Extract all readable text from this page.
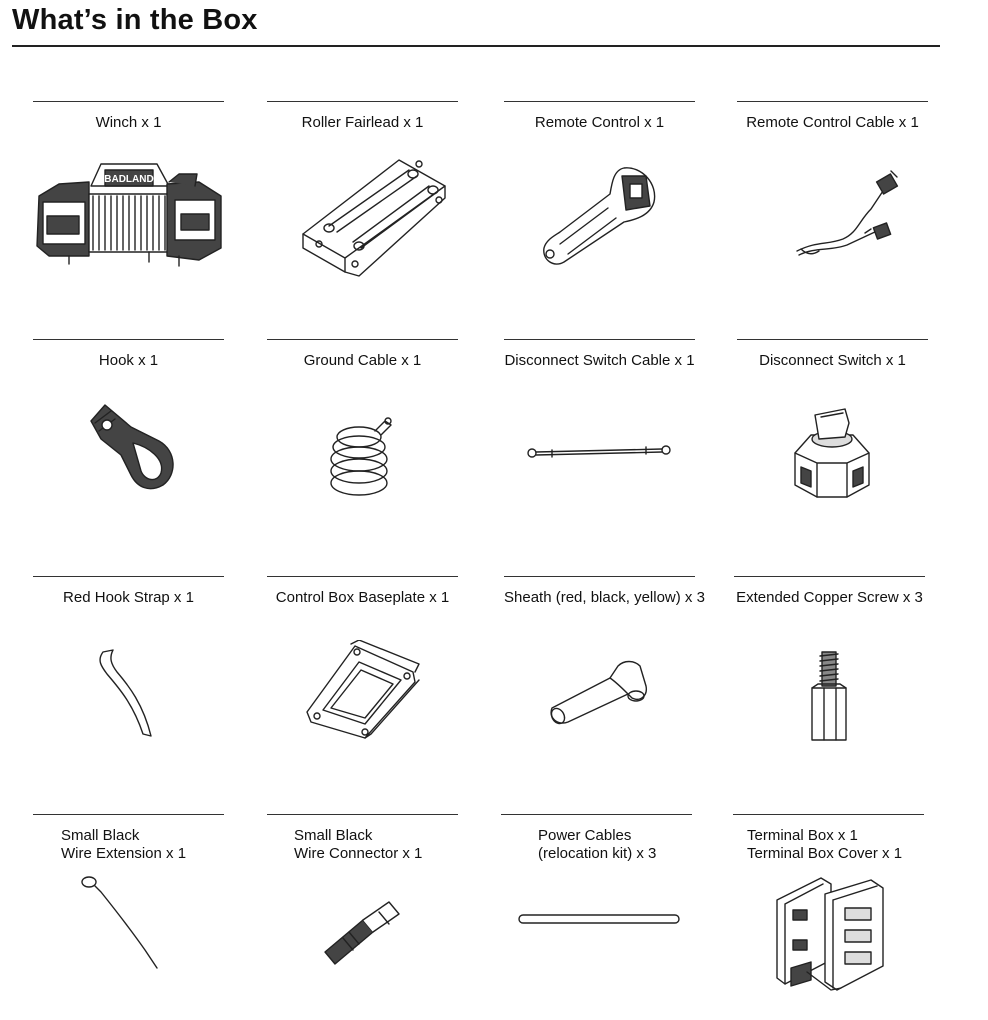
What’s in the Box
Winch x 1
BADLAND
Roller Fairlead x 1	Remote Control x 1	Remote Control Cable x 1
Hook x 1	Ground Cable x 1	Disconnect Switch Cable x 1	Disconnect Switch x 1
Red Hook Strap x 1	Control Box Baseplate x 1	Sheath (red, black, yellow) x 3 Extended Copper Screw x 3
Small Black
Wire Extension x 1
Small Black
Wire Connector x 1
Power Cables
(relocation kit) x 3
Terminal Box x 1
Terminal Box Cover x 1
